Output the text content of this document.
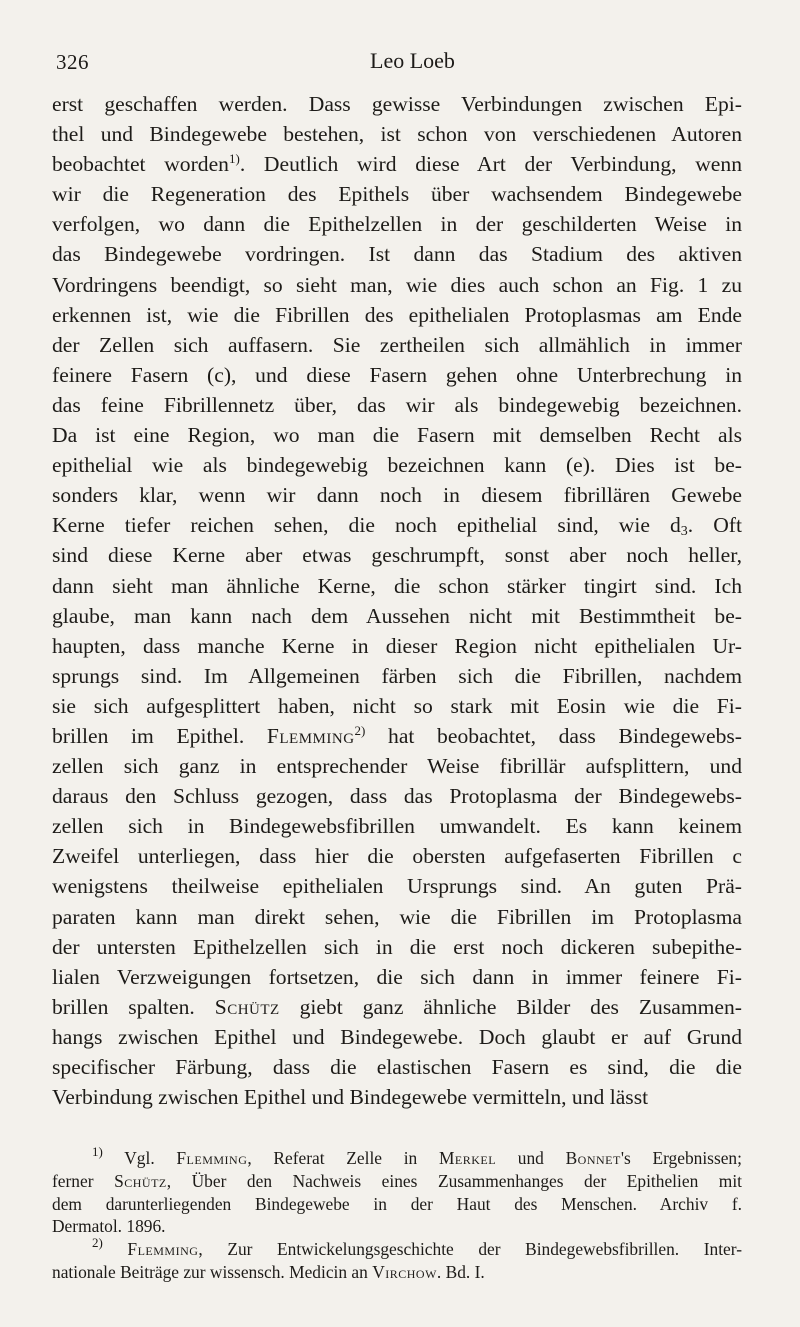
326	Leo Loeb
erst geschaffen werden. Dass gewisse Verbindungen zwischen Epi-
thel und Bindegewebe bestehen, ist schon von verschiedenen Autoren
beobachtet worden$^{1)}$. Deutlich wird diese Art der Verbindung, wenn
wir die Regeneration des Epithels über wachsendem Bindegewebe
verfolgen, wo dann die Epithelzellen in der geschilderten Weise in
das Bindegewebe vordringen. Ist dann das Stadium des aktiven
Vordringens beendigt, so sieht man, wie dies auch schon an Fig. 1 zu
erkennen ist, wie die Fibrillen des epithelialen Protoplasmas am Ende
der Zellen sich auffasern. Sie zertheilen sich allmählich in immer
feinere Fasern (c), und diese Fasern gehen ohne Unterbrechung in
das feine Fibrillennetz über, das wir als bindegewebig bezeichnen.
Da ist eine Region, wo man die Fasern mit demselben Recht als
epithelial wie als bindegewebig bezeichnen kann (e). Dies ist be-
sonders klar, wenn wir dann noch in diesem fibrillären Gewebe
Kerne tiefer reichen sehen, die noch epithelial sind, wie $d_3$. Oft
sind diese Kerne aber etwas geschrumpft, sonst aber noch heller,
dann sieht man ähnliche Kerne, die schon stärker tingirt sind. Ich
glaube, man kann nach dem Aussehen nicht mit Bestimmtheit be-
haupten, dass manche Kerne in dieser Region nicht epithelialen Ur-
sprungs sind. Im Allgemeinen färben sich die Fibrillen, nachdem
sie sich aufgesplittert haben, nicht so stark mit Eosin wie die Fi-
brillen im Epithel. Flemming$^{2)}$ hat beobachtet, dass Bindegewebs-
zellen sich ganz in entsprechender Weise fibrillär aufsplittern, und
daraus den Schluss gezogen, dass das Protoplasma der Bindegewebs-
zellen sich in Bindegewebsfibrillen umwandelt. Es kann keinem
Zweifel unterliegen, dass hier die obersten aufgefaserten Fibrillen c
wenigstens theilweise epithelialen Ursprungs sind. An guten Prä-
paraten kann man direkt sehen, wie die Fibrillen im Protoplasma
der untersten Epithelzellen sich in die erst noch dickeren subepithe-
lialen Verzweigungen fortsetzen, die sich dann in immer feinere Fi-
brillen spalten. Schütz giebt ganz ähnliche Bilder des Zusammen-
hangs zwischen Epithel und Bindegewebe. Doch glaubt er auf Grund
specifischer Färbung, dass die elastischen Fasern es sind, die die
Verbindung zwischen Epithel und Bindegewebe vermitteln, und lässt
$^{1)}$ Vgl. Flemming, Referat Zelle in Merkel und Bonnet's Ergebnissen;
ferner Schütz, Über den Nachweis eines Zusammenhanges der Epithelien mit
dem darunterliegenden Bindegewebe in der Haut des Menschen. Archiv f.
Dermatol. 1896.
$^{2)}$ Flemming, Zur Entwickelungsgeschichte der Bindegewebsfibrillen. Inter-
nationale Beiträge zur wissensch. Medicin an Virchow. Bd. I.
